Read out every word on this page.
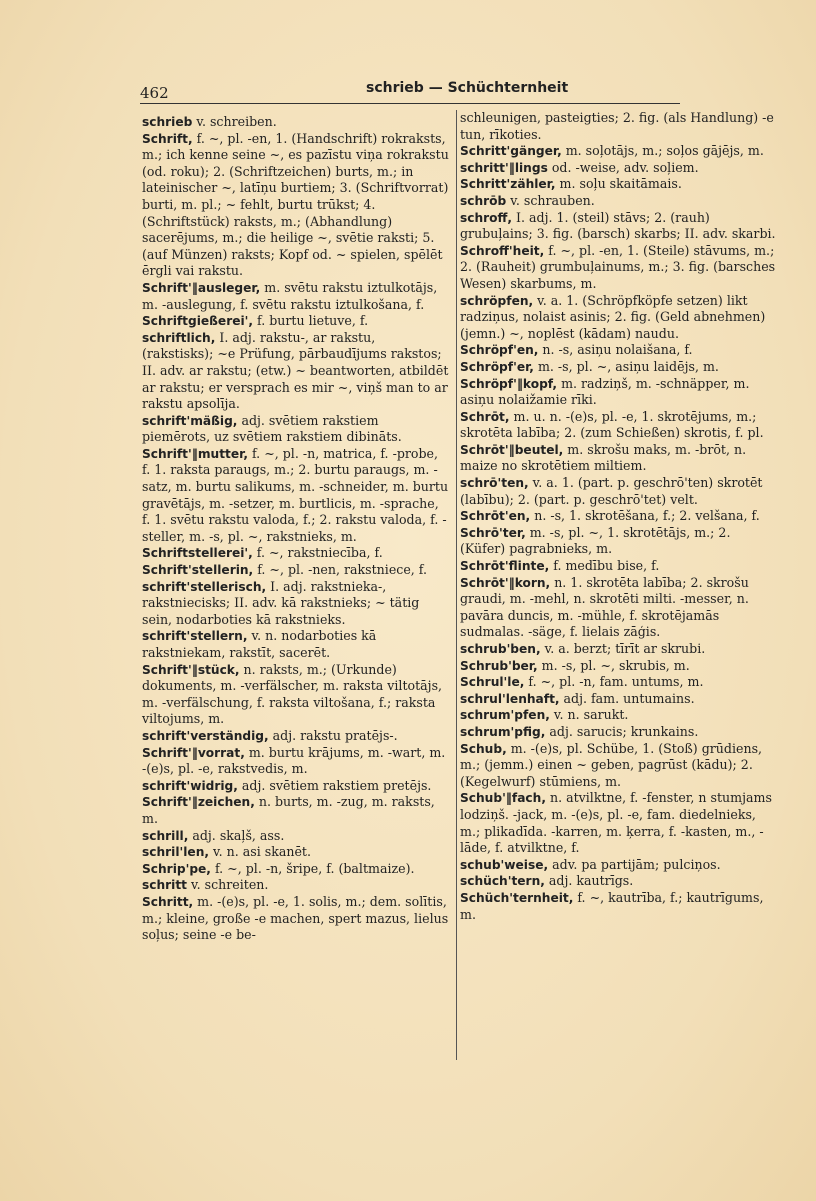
462	schrieb — Schüchternheit

schrieb v. schreiben.

Schrift, f. ~, pl. -en, 1. (Handschrift) rokraksts, m.; ich kenne seine ~, es pazīstu viņa rokrakstu (od. roku); 2. (Schriftzeichen) burts, m.; in lateinischer ~, latīņu burtiem; 3. (Schriftvorrat) burti, m. pl.; ~ fehlt, burtu trūkst; 4. (Schriftstück) raksts, m.; (Abhandlung) sacerējums, m.; die heilige ~, svētie raksti; 5. (auf Münzen) raksts; Kopf od. ~ spielen, spēlēt ērgli vai rakstu.

Schrift'‖ausleger, m. svētu rakstu iztulkotājs, m. -auslegung, f. svētu rakstu iztulkošana, f.

Schriftgießerei', f. burtu lietuve, f.

schriftlich, I. adj. rakstu-, ar rakstu, (rakstisks); ~e Prüfung, pārbaudījums rakstos; II. adv. ar rakstu; (etw.) ~ beantworten, atbildēt ar rakstu; er versprach es mir ~, viņš man to ar rakstu apsolīja.

schrift'mäßig, adj. svētiem rakstiem piemērots, uz svētiem rakstiem dibināts.

Schrift'‖mutter, f. ~, pl. -n, matrica, f. -probe, f. 1. raksta paraugs, m.; 2. burtu paraugs, m. -satz, m. burtu salikums, m. -schneider, m. burtu gravētājs, m. -setzer, m. burtlicis, m. -sprache, f. 1. svētu rakstu valoda, f.; 2. rakstu valoda, f. -steller, m. -s, pl. ~, rakstnieks, m.

Schriftstellerei', f. ~, rakstniecība, f.

Schrift'stellerin, f. ~, pl. -nen, rakstniece, f.

schrift'stellerisch, I. adj. rakstnieka-, rakstniecisks; II. adv. kā rakstnieks; ~ tätig sein, nodarboties kā rakstnieks.

schrift'stellern, v. n. nodarboties kā rakstniekam, rakstīt, sacerēt.

Schrift'‖stück, n. raksts, m.; (Urkunde) dokuments, m. -verfälscher, m. raksta viltotājs, m. -verfälschung, f. raksta viltošana, f.; raksta viltojums, m.

schrift'verständig, adj. rakstu pratējs-.

Schrift'‖vorrat, m. burtu krājums, m. -wart, m. -(e)s, pl. -e, rakstvedis, m.

schrift'widrig, adj. svētiem rakstiem pretējs.

Schrift'‖zeichen, n. burts, m. -zug, m. raksts, m.

schrill, adj. skaļš, ass.

schril'len, v. n. asi skanēt.

Schrip'pe, f. ~, pl. -n, šripe, f. (baltmaize).

schritt v. schreiten.

Schritt, m. -(e)s, pl. -e, 1. solis, m.; dem. solītis, m.; kleine, große -e machen, spert mazus, lielus soļus; seine -e be-

schleunigen, pasteigties; 2. fig. (als Handlung) -e tun, rīkoties.

Schritt'gänger, m. soļotājs, m.; soļos gājējs, m.

schritt'‖lings od. -weise, adv. soļiem.

Schritt'zähler, m. soļu skaitāmais.

schrōb v. schrauben.

schroff, I. adj. 1. (steil) stāvs; 2. (rauh) grubuļains; 3. fig. (barsch) skarbs; II. adv. skarbi.

Schroff'heit, f. ~, pl. -en, 1. (Steile) stāvums, m.; 2. (Rauheit) grumbuļainums, m.; 3. fig. (barsches Wesen) skarbums, m.

schröpfen, v. a. 1. (Schröpfköpfe setzen) likt radziņus, nolaist asinis; 2. fig. (Geld abnehmen) (jemn.) ~, noplēst (kādam) naudu.

Schröpf'en, n. -s, asiņu nolaišana, f.

Schröpf'er, m. -s, pl. ~, asiņu laidējs, m.

Schröpf'‖kopf, m. radziņš, m. -schnäpper, m. asiņu nolaižamie rīki.

Schrōt, m. u. n. -(e)s, pl. -e, 1. skrotējums, m.; skrotēta labība; 2. (zum Schießen) skrotis, f. pl.

Schrōt'‖beutel, m. skrošu maks, m. -brōt, n. maize no skrotētiem miltiem.

schrō'ten, v. a. 1. (part. p. geschrō'ten) skrotēt (labību); 2. (part. p. geschrō'tet) velt.

Schrōt'en, n. -s, 1. skrotēšana, f.; 2. velšana, f.

Schrō'ter, m. -s, pl. ~, 1. skrotētājs, m.; 2. (Küfer) pagrabnieks, m.

Schrōt'flinte, f. medību bise, f.

Schrōt'‖korn, n. 1. skrotēta labība; 2. skrošu graudi, m. -mehl, n. skrotēti milti. -messer, n. pavāra duncis, m. -mühle, f. skrotējamās sudmalas. -säge, f. lielais zāģis.

schrub'ben, v. a. berzt; tīrīt ar skrubi.

Schrub'ber, m. -s, pl. ~, skrubis, m.

Schrul'le, f. ~, pl. -n, fam. untums, m.

schrul'lenhaft, adj. fam. untumains.

schrum'pfen, v. n. sarukt.

schrum'pfig, adj. sarucis; krunkains.

Schub, m. -(e)s, pl. Schübe, 1. (Stoß) grūdiens, m.; (jemm.) einen ~ geben, pagrūst (kādu); 2. (Kegelwurf) stūmiens, m.

Schub'‖fach, n. atvilktne, f. -fenster, n stumjams lodziņš. -jack, m. -(e)s, pl. -e, fam. diedelnieks, m.; plikadīda. -karren, m. ķerra, f. -kasten, m., -lāde, f. atvilktne, f.

schub'weise, adv. pa partijām; pulciņos.

schüch'tern, adj. kautrīgs.

Schüch'ternheit, f. ~, kautrība, f.; kautrīgums, m.
